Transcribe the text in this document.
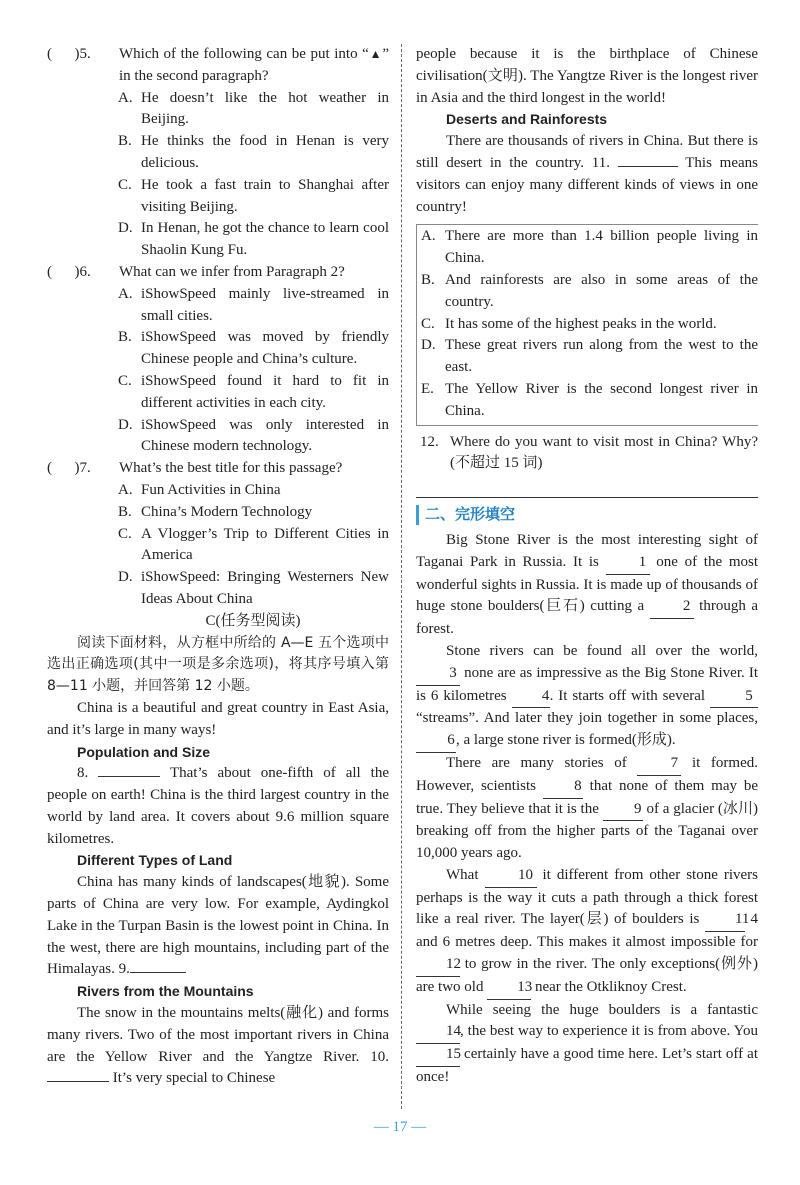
(      )5.	Which of the following can be put into “▲” in the second paragraph?
A. He doesn’t like the hot weather in Beijing.
B. He thinks the food in Henan is very delicious.
C. He took a fast train to Shanghai after visiting Beijing.
D. In Henan, he got the chance to learn cool Shaolin Kung Fu.
(      )6.	What can we infer from Paragraph 2?
A. iShowSpeed mainly live-streamed in small cities.
B. iShowSpeed was moved by friendly Chinese people and China’s culture.
C. iShowSpeed found it hard to fit in different activities in each city.
D. iShowSpeed was only interested in Chinese modern technology.
(      )7.	What’s the best title for this passage?
A. Fun Activities in China
B. China’s Modern Technology
C. A Vlogger’s Trip to Different Cities in America
D. iShowSpeed: Bringing Westerners New Ideas About China

C(任务型阅读)

阅读下面材料，从方框中所给的 A—E 五个选项中选出正确选项(其中一项是多余选项)，将其序号填入第 8—11 小题，并回答第 12 小题。

China is a beautiful and great country in East Asia, and it’s large in many ways!

Population and Size

8.	That’s about one-fifth of all the people on earth! China is the third largest country in the world by land area. It covers about 9.6 million square kilometres.

Different Types of Land

China has many kinds of landscapes(地貌). Some parts of China are very low. For example, Aydingkol Lake in the Turpan Basin is the lowest point in China. In the west, there are high mountains, including part of the Himalayas. 9.

Rivers from the Mountains

The snow in the mountains melts(融化) and forms many rivers. Two of the most important rivers in China are the Yellow River and the Yangtze River. 10.  It’s very special to Chinese

people because it is the birthplace of Chinese civilisation(文明). The Yangtze River is the longest river in Asia and the third longest in the world!

Deserts and Rainforests

There are thousands of rivers in China. But there is still desert in the country. 11.	This means visitors can enjoy many different kinds of views in one country!

A. There are more than 1.4 billion people living in China.
B. And rainforests are also in some areas of the country.
C. It has some of the highest peaks in the world.
D. These great rivers run along from the west to the east.
E. The Yellow River is the second longest river in China.
12. Where do you want to visit most in China? Why? (不超过 15 词)
二、完形填空

Big Stone River is the most interesting sight of Taganai Park in Russia. It is	1 one of the most wonderful sights in Russia. It is made up of thousands of huge stone boulders(巨石) cutting a	2 through a forest.

Stone rivers can be found all over the world, 3 none are as impressive as the Big Stone River. It is 6 kilometres 4. It starts off with several 5 “streams”. And later they join together in some places, 6, a large stone river is formed(形成).

There are many stories of	7 it formed. However, scientists	8 that none of them may be true. They believe that it is the 9 of a glacier (冰川) breaking off from the higher parts of the Taganai over 10,000 years ago.

What	10 it different from other stone rivers perhaps is the way it cuts a path through a thick forest like a real river. The layer(层) of boulders is 11 4 and 6 metres deep. This makes it almost impossible for 12 to grow in the river. The only exceptions(例外) are two old 13 near the Otkliknoy Crest.

While seeing the huge boulders is a fantastic 14, the best way to experience it is from above. You 15 certainly have a good time here. Let’s start off at once!

— 17 —
